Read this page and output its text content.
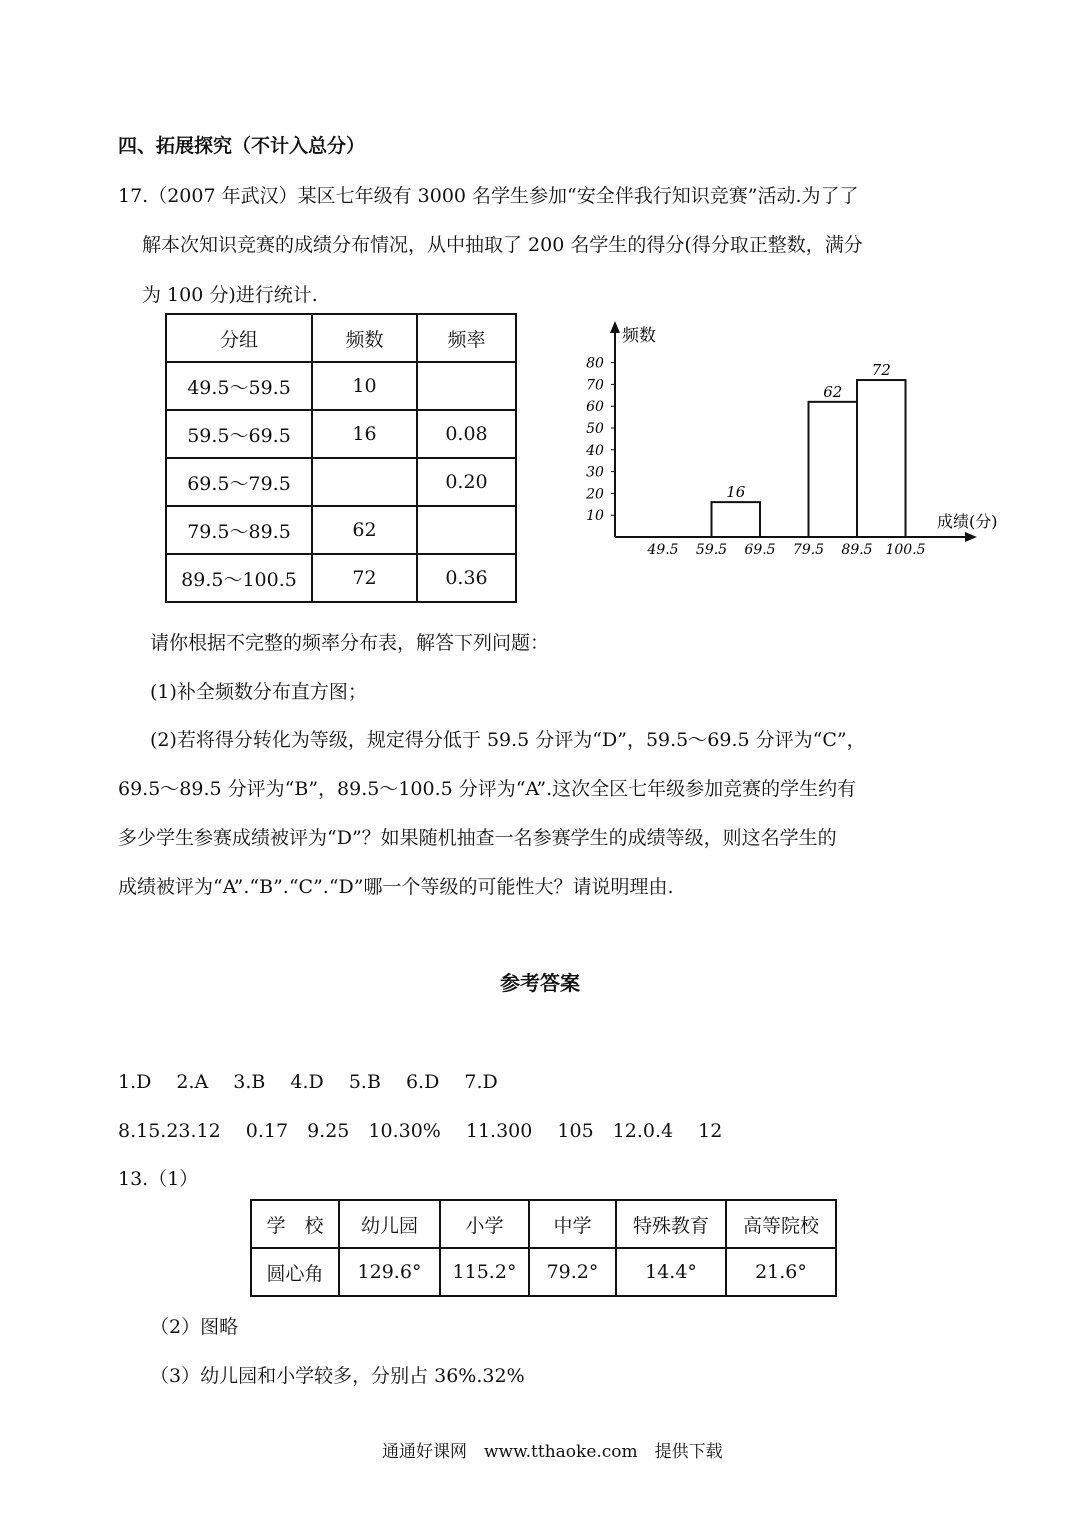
四、拓展探究（不计入总分）
17.（2007 年武汉）某区七年级有 3000 名学生参加“安全伴我行知识竞赛”活动.为了了
解本次知识竞赛的成绩分布情况，从中抽取了 200 名学生的得分(得分取正整数，满分
为 100 分)进行统计.
分组	频数	频率
49.5～59.5	10	
59.5～69.5	16	0.08
69.5～79.5		0.20
79.5～89.5	62	
89.5～100.5	72	0.36
频数
成绩(分)
10
20
30
40
50
60
70
80
49.5 59.5 69.5 79.5 89.5 100.5
16
62
72
请你根据不完整的频率分布表，解答下列问题：
(1)补全频数分布直方图；
(2)若将得分转化为等级，规定得分低于 59.5 分评为“D”，59.5～69.5 分评为“C”，
69.5～89.5 分评为“B”，89.5～100.5 分评为“A”.这次全区七年级参加竞赛的学生约有
多少学生参赛成绩被评为“D”？如果随机抽查一名参赛学生的成绩等级，则这名学生的
成绩被评为“A”.“B”.“C”.“D”哪一个等级的可能性大？请说明理由.
参考答案
1.D　 2.A　 3.B　 4.D　 5.B　 6.D　 7.D
8.15.23.12　 0.17　9.25　10.30%　 11.300　 105　12.0.4　 12
13.（1）
学　校	幼儿园	小学	中学	特殊教育	高等院校
圆心角	129.6°	115.2°	79.2°	14.4°	21.6°
（2）图略
（3）幼儿园和小学较多，分别占 36%.32%
通通好课网　www.tthaoke.com　提供下载
